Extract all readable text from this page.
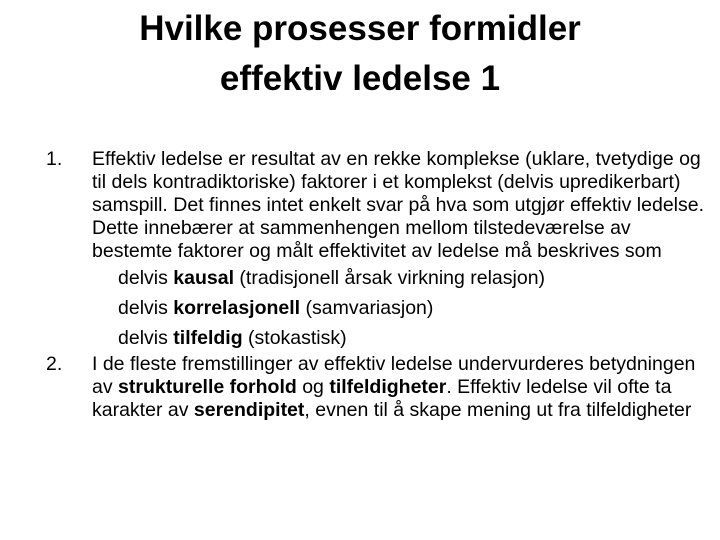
Hvilke prosesser formidler
effektiv ledelse 1
1. Effektiv ledelse er resultat av en rekke komplekse (uklare, tvetydige og til dels kontradiktoriske) faktorer i et komplekst (delvis upredikerbart) samspill. Det finnes intet enkelt svar på hva som utgjør effektiv ledelse. Dette innebærer at sammenhengen mellom tilstedeværelse av bestemte faktorer og målt effektivitet av ledelse må beskrives som
delvis kausal (tradisjonell årsak virkning relasjon)
delvis korrelasjonell (samvariasjon)
delvis tilfeldig (stokastisk)
2. I de fleste fremstillinger av effektiv ledelse undervurderes betydningen av strukturelle forhold og tilfeldigheter. Effektiv ledelse vil ofte ta karakter av serendipitet, evnen til å skape mening ut fra tilfeldigheter
